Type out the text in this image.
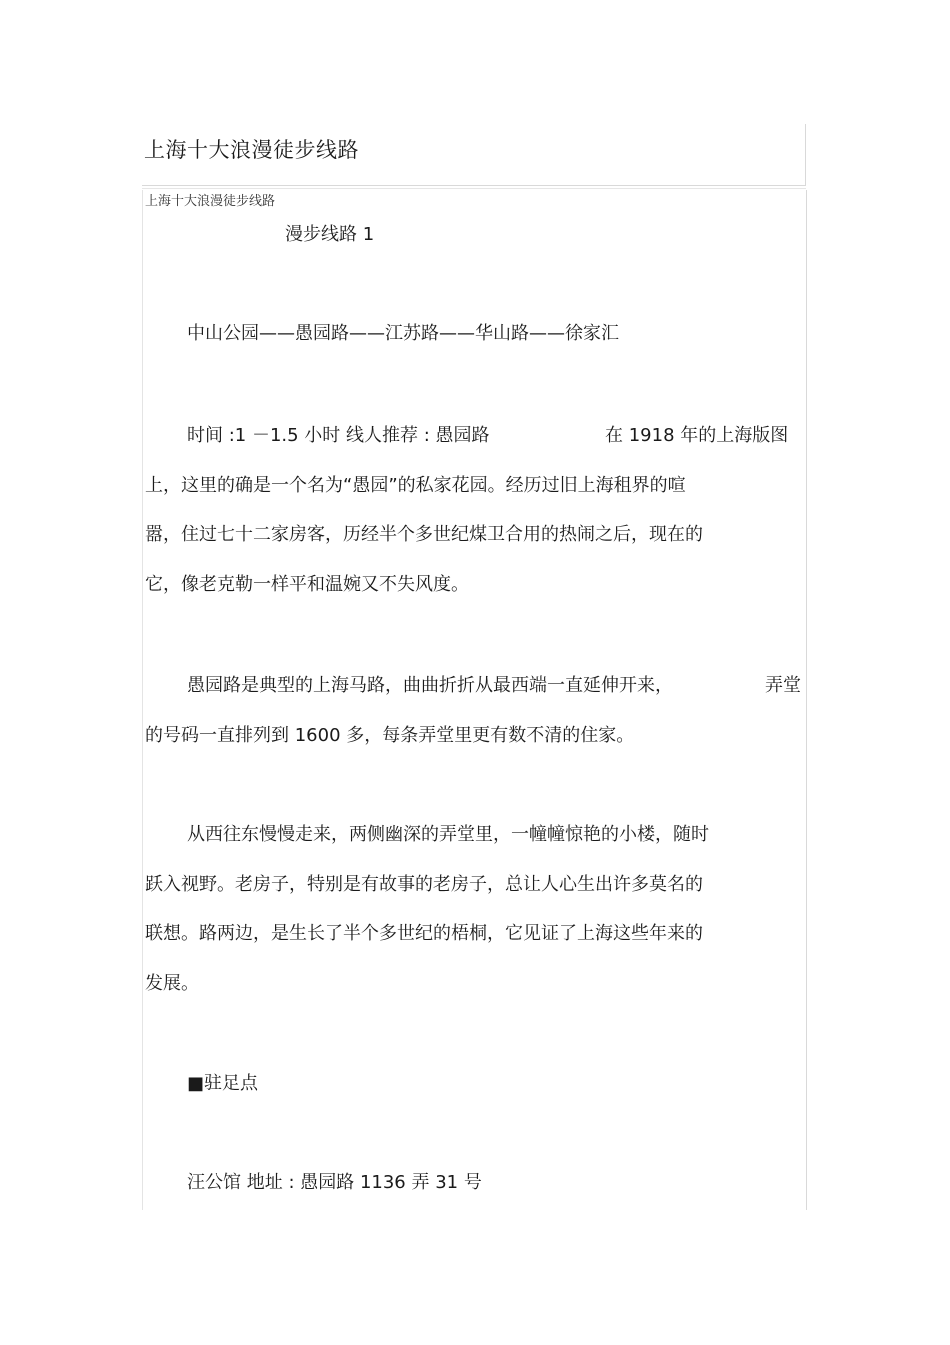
上海十大浪漫徒步线路
上海十大浪漫徒步线路
漫步线路 1
中山公园——愚园路——江苏路——华山路——徐家汇
时间 :1 －1.5 小时 线人推荐 : 愚园路	在 1918 年的上海版图
上，这里的确是一个名为“愚园”的私家花园。经历过旧上海租界的喧
嚣，住过七十二家房客，历经半个多世纪煤卫合用的热闹之后，现在的
它，像老克勒一样平和温婉又不失风度。
愚园路是典型的上海马路，曲曲折折从最西端一直延伸开来，	弄堂
的号码一直排列到 1600 多，每条弄堂里更有数不清的住家。
从西往东慢慢走来，两侧幽深的弄堂里，一幢幢惊艳的小楼，随时
跃入视野。老房子，特别是有故事的老房子，总让人心生出许多莫名的
联想。路两边，是生长了半个多世纪的梧桐，它见证了上海这些年来的
发展。
■驻足点
汪公馆 地址 : 愚园路 1136 弄 31 号
